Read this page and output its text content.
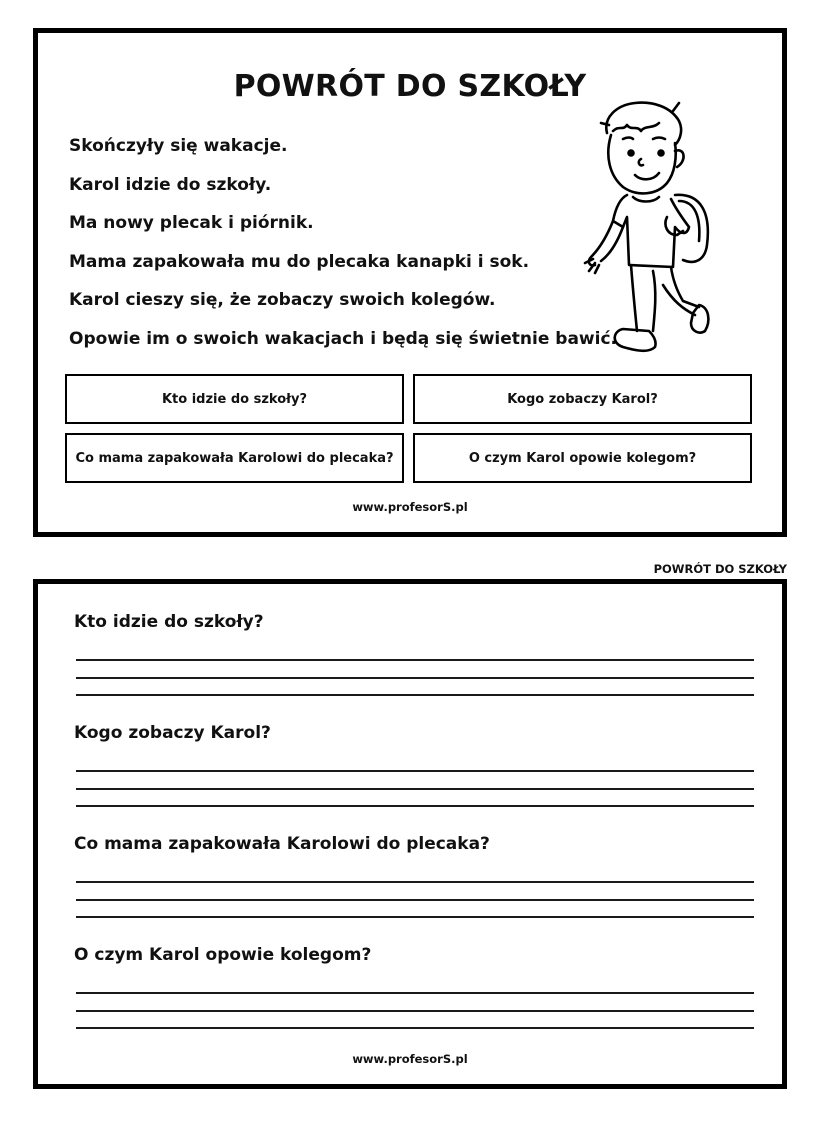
POWRÓT DO SZKOŁY
Skończyły się wakacje.
Karol idzie do szkoły.
Ma nowy plecak i piórnik.
Mama zapakowała mu do plecaka kanapki i sok.
Karol cieszy się, że zobaczy swoich kolegów.
Opowie im o swoich wakacjach i będą się świetnie bawić.
Kto idzie do szkoły?	Kogo zobaczy Karol?
Co mama zapakowała Karolowi do plecaka?	O czym Karol opowie kolegom?
www.profesorS.pl
POWRÓT DO SZKOŁY
Kto idzie do szkoły?
Kogo zobaczy Karol?
Co mama zapakowała Karolowi do plecaka?
O czym Karol opowie kolegom?
www.profesorS.pl
